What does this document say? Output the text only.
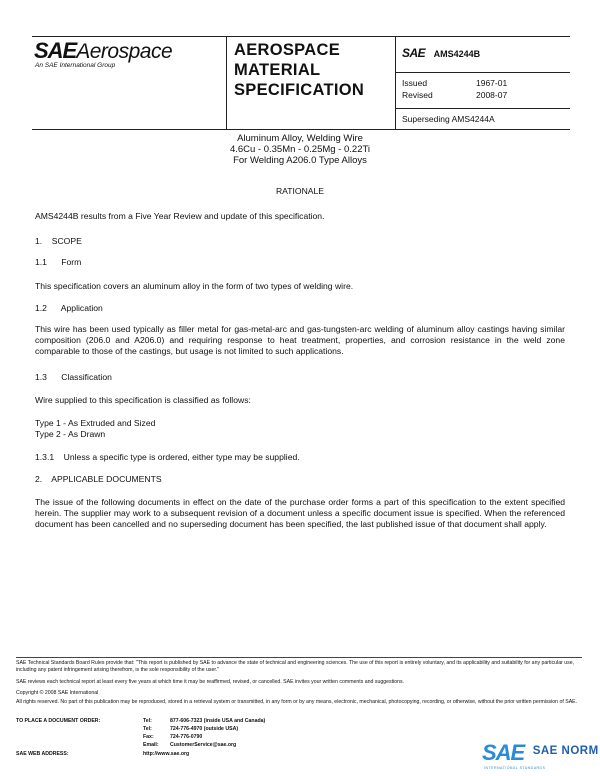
SAEAerospace
An SAE International Group
AEROSPACE
MATERIAL
SPECIFICATION
SAE AMS4244B
Issued	1967-01
Revised	2008-07
Superseding AMS4244A
Aluminum Alloy, Welding Wire
4.6Cu - 0.35Mn - 0.25Mg - 0.22Ti
For Welding A206.0 Type Alloys
RATIONALE
AMS4244B results from a Five Year Review and update of this specification.
1.    SCOPE
1.1      Form
This specification covers an aluminum alloy in the form of two types of welding wire.
1.2      Application
This wire has been used typically as filler metal for gas-metal-arc and gas-tungsten-arc welding of aluminum alloy castings having similar composition (206.0 and A206.0) and requiring response to heat treatment, properties, and corrosion resistance in the weld zone comparable to those of the castings, but usage is not limited to such applications.
1.3      Classification
Wire supplied to this specification is classified as follows:
Type 1 - As Extruded and Sized
Type 2 - As Drawn
1.3.1    Unless a specific type is ordered, either type may be supplied.
2.    APPLICABLE DOCUMENTS
The issue of the following documents in effect on the date of the purchase order forms a part of this specification to the extent specified herein. The supplier may work to a subsequent revision of a document unless a specific document issue is specified. When the referenced document has been cancelled and no superseding document has been specified, the last published issue of that document shall apply.
SAE Technical Standards Board Rules provide that: "This report is published by SAE to advance the state of technical and engineering sciences. The use of this report is entirely voluntary, and its applicability and suitability for any particular use, including any patent infringement arising therefrom, is the sole responsibility of the user."
SAE reviews each technical report at least every five years at which time it may be reaffirmed, revised, or cancelled. SAE invites your written comments and suggestions.
Copyright © 2008 SAE International
All rights reserved. No part of this publication may be reproduced, stored in a retrieval system or transmitted, in any form or by any means, electronic, mechanical, photocopying, recording, or otherwise, without the prior written permission of SAE.
TO PLACE A DOCUMENT ORDER:	Tel:	877-606-7323 (inside USA and Canada)
Tel:	724-776-4970 (outside USA)
Fax:	724-776-0790
Email: CustomerService@sae.org
SAE WEB ADDRESS:	http://www.sae.org	SAE $^{SAE NORM}$
INTERNATIONAL STANDARDS
